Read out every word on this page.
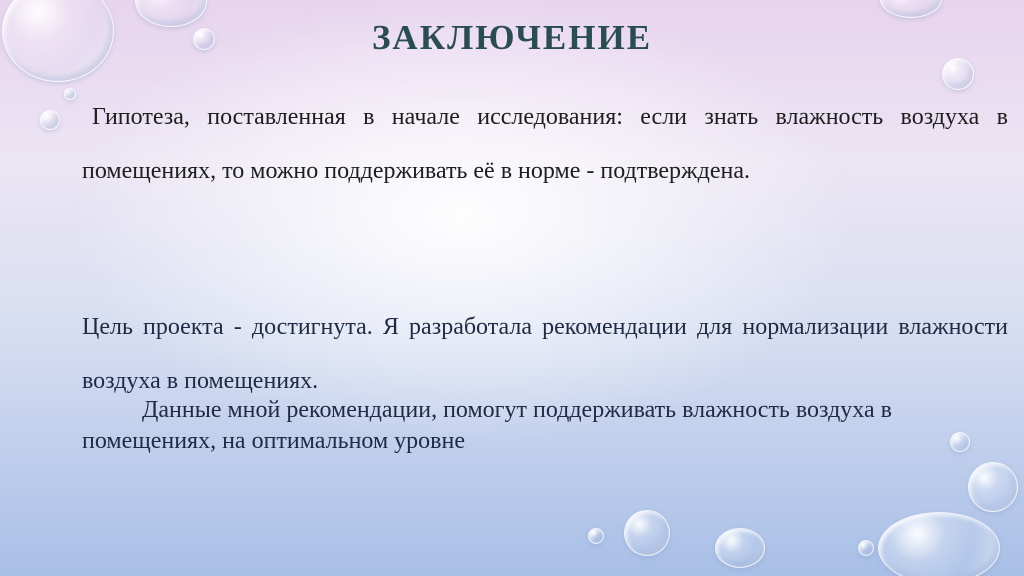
ЗАКЛЮЧЕНИЕ
Гипотеза, поставленная в начале исследования: если знать влажность воздуха в помещениях, то можно поддерживать её в норме - подтверждена.
Цель проекта - достигнута. Я разработала рекомендации для нормализации влажности воздуха в помещениях.
Данные мной рекомендации, помогут поддерживать влажность воздуха в помещениях, на оптимальном уровне
